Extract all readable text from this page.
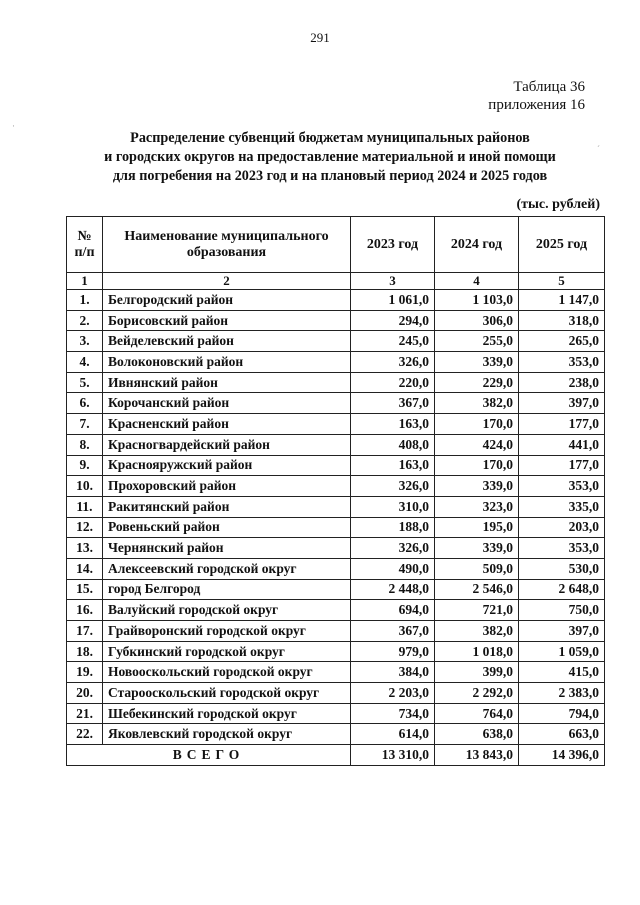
291
Таблица 36
приложения 16
Распределение субвенций бюджетам муниципальных районов
и городских округов на предоставление материальной и иной помощи
для погребения на 2023 год и на плановый период 2024 и 2025 годов
(тыс. рублей)
№
п/п	Наименование муниципального образования	2023 год	2024 год	2025 год
1	2	3	4	5
1.	Белгородский район	1 061,0	1 103,0	1 147,0
2.	Борисовский район	294,0	306,0	318,0
3.	Вейделевский район	245,0	255,0	265,0
4.	Волоконовский район	326,0	339,0	353,0
5.	Ивнянский район	220,0	229,0	238,0
6.	Корочанский район	367,0	382,0	397,0
7.	Красненский район	163,0	170,0	177,0
8.	Красногвардейский район	408,0	424,0	441,0
9.	Краснояружский район	163,0	170,0	177,0
10.	Прохоровский район	326,0	339,0	353,0
11.	Ракитянский район	310,0	323,0	335,0
12.	Ровеньский район	188,0	195,0	203,0
13.	Чернянский район	326,0	339,0	353,0
14.	Алексеевский городской округ	490,0	509,0	530,0
15.	город Белгород	2 448,0	2 546,0	2 648,0
16.	Валуйский городской округ	694,0	721,0	750,0
17.	Грайворонский городской округ	367,0	382,0	397,0
18.	Губкинский городской округ	979,0	1 018,0	1 059,0
19.	Новооскольский городской округ	384,0	399,0	415,0
20.	Старооскольский городской округ	2 203,0	2 292,0	2 383,0
21.	Шебекинский городской округ	734,0	764,0	794,0
22.	Яковлевский городской округ	614,0	638,0	663,0
ВСЕГО		13 310,0	13 843,0	14 396,0
·
ˊ
